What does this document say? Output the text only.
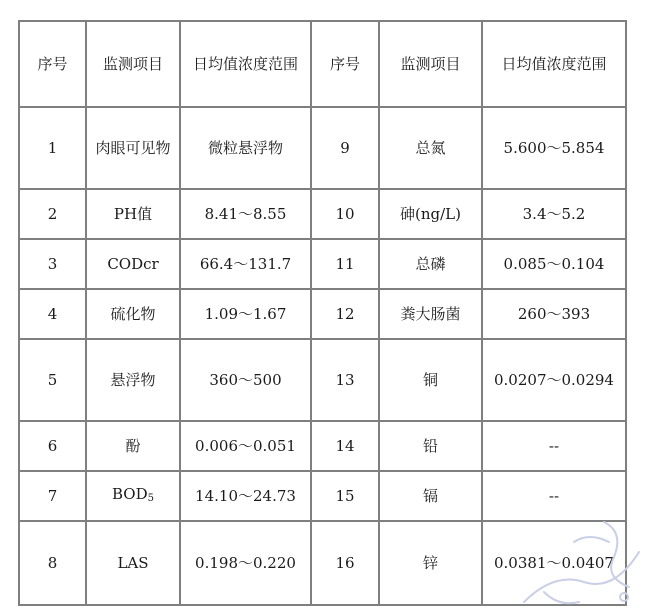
序号	监测项目	日均值浓度范围	序号	监测项目	日均值浓度范围
1	肉眼可见物	微粒悬浮物	9	总氮	5.600～5.854
2	PH值	8.41～8.55	10	砷(ng/L)	3.4～5.2
3	CODcr	66.4～131.7	11	总磷	0.085～0.104
4	硫化物	1.09～1.67	12	粪大肠菌	260～393
5	悬浮物	360～500	13	铜	0.0207～0.0294
6	酚	0.006～0.051	14	铅	--
7	$BOD_5$	14.10～24.73	15	镉	--
8	LAS	0.198～0.220	16	锌	0.0381～0.0407
